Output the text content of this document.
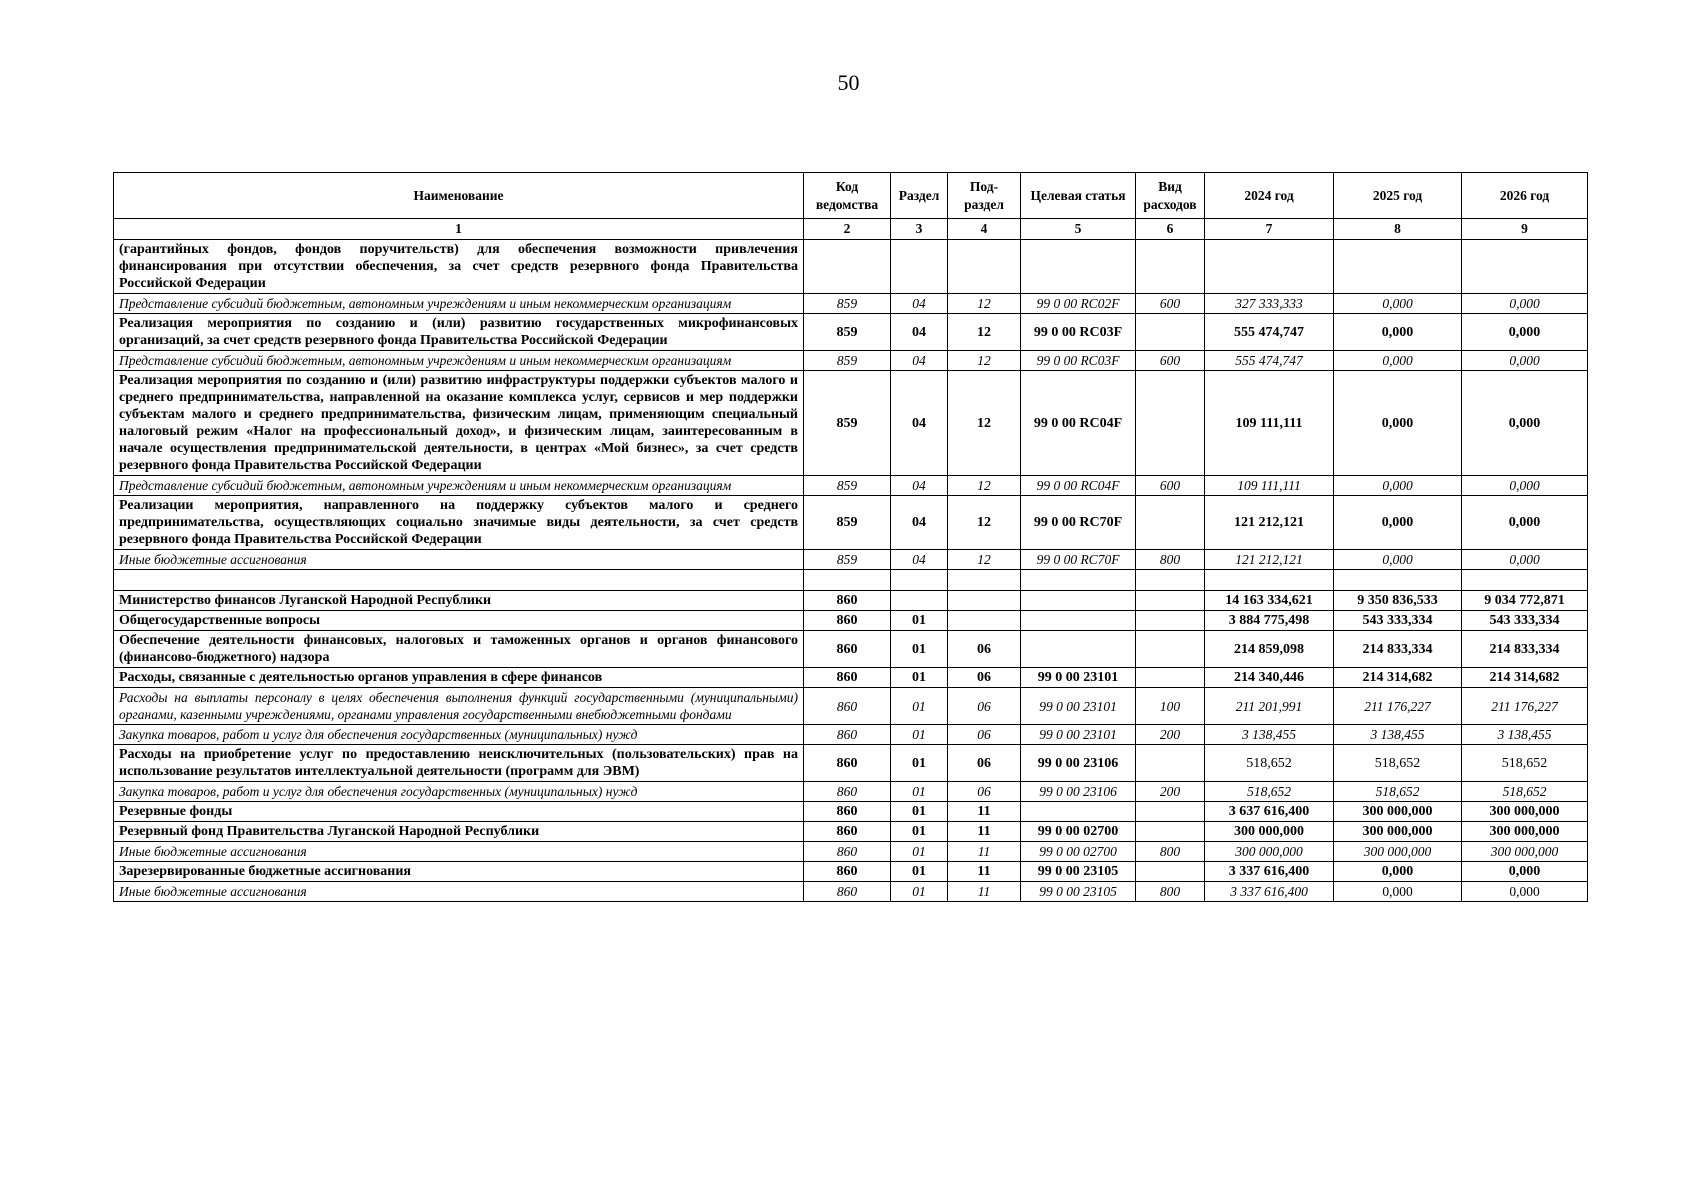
50
Наименование	Код ведомства	Раздел	Под-раздел	Целевая статья	Вид расходов	2024 год	2025 год	2026 год
1	2	3	4	5	6	7	8	9
(гарантийных фондов, фондов поручительств) для обеспечения возможности привлечения финансирования при отсутствии обеспечения, за счет средств резервного фонда Правительства Российской Федерации								
Представление субсидий бюджетным, автономным учреждениям и иным некоммерческим организациям	859	04	12	99 0 00 RC02F	600	327 333,333	0,000	0,000
Реализация мероприятия по созданию и (или) развитию государственных микрофинансовых организаций, за счет средств резервного фонда Правительства Российской Федерации	859	04	12	99 0 00 RC03F		555 474,747	0,000	0,000
Представление субсидий бюджетным, автономным учреждениям и иным некоммерческим организациям	859	04	12	99 0 00 RC03F	600	555 474,747	0,000	0,000
Реализация мероприятия по созданию и (или) развитию инфраструктуры поддержки субъектов малого и среднего предпринимательства, направленной на оказание комплекса услуг, сервисов и мер поддержки субъектам малого и среднего предпринимательства, физическим лицам, применяющим специальный налоговый режим «Налог на профессиональный доход», и физическим лицам, заинтересованным в начале осуществления предпринимательской деятельности, в центрах «Мой бизнес», за счет средств резервного фонда Правительства Российской Федерации	859	04	12	99 0 00 RC04F		109 111,111	0,000	0,000
Представление субсидий бюджетным, автономным учреждениям и иным некоммерческим организациям	859	04	12	99 0 00 RC04F	600	109 111,111	0,000	0,000
Реализации мероприятия, направленного на поддержку субъектов малого и среднего предпринимательства, осуществляющих социально значимые виды деятельности, за счет средств резервного фонда Правительства Российской Федерации	859	04	12	99 0 00 RC70F		121 212,121	0,000	0,000
Иные бюджетные ассигнования	859	04	12	99 0 00 RC70F	800	121 212,121	0,000	0,000

Министерство финансов Луганской Народной Республики	860					14 163 334,621	9 350 836,533	9 034 772,871
Общегосударственные вопросы	860	01				3 884 775,498	543 333,334	543 333,334
Обеспечение деятельности финансовых, налоговых и таможенных органов и органов финансового (финансово-бюджетного) надзора	860	01	06			214 859,098	214 833,334	214 833,334
Расходы, связанные с деятельностью органов управления в сфере финансов	860	01	06	99 0 00 23101		214 340,446	214 314,682	214 314,682
Расходы на выплаты персоналу в целях обеспечения выполнения функций государственными (муниципальными) органами, казенными учреждениями, органами управления государственными внебюджетными фондами	860	01	06	99 0 00 23101	100	211 201,991	211 176,227	211 176,227
Закупка товаров, работ и услуг для обеспечения государственных (муниципальных) нужд	860	01	06	99 0 00 23101	200	3 138,455	3 138,455	3 138,455
Расходы на приобретение услуг по предоставлению неисключительных (пользовательских) прав на использование результатов интеллектуальной деятельности (программ для ЭВМ)	860	01	06	99 0 00 23106		518,652	518,652	518,652
Закупка товаров, работ и услуг для обеспечения государственных (муниципальных) нужд	860	01	06	99 0 00 23106	200	518,652	518,652	518,652
Резервные фонды	860	01	11			3 637 616,400	300 000,000	300 000,000
Резервный фонд Правительства Луганской Народной Республики	860	01	11	99 0 00 02700		300 000,000	300 000,000	300 000,000
Иные бюджетные ассигнования	860	01	11	99 0 00 02700	800	300 000,000	300 000,000	300 000,000
Зарезервированные бюджетные ассигнования	860	01	11	99 0 00 23105		3 337 616,400	0,000	0,000
Иные бюджетные ассигнования	860	01	11	99 0 00 23105	800	3 337 616,400	0,000	0,000
